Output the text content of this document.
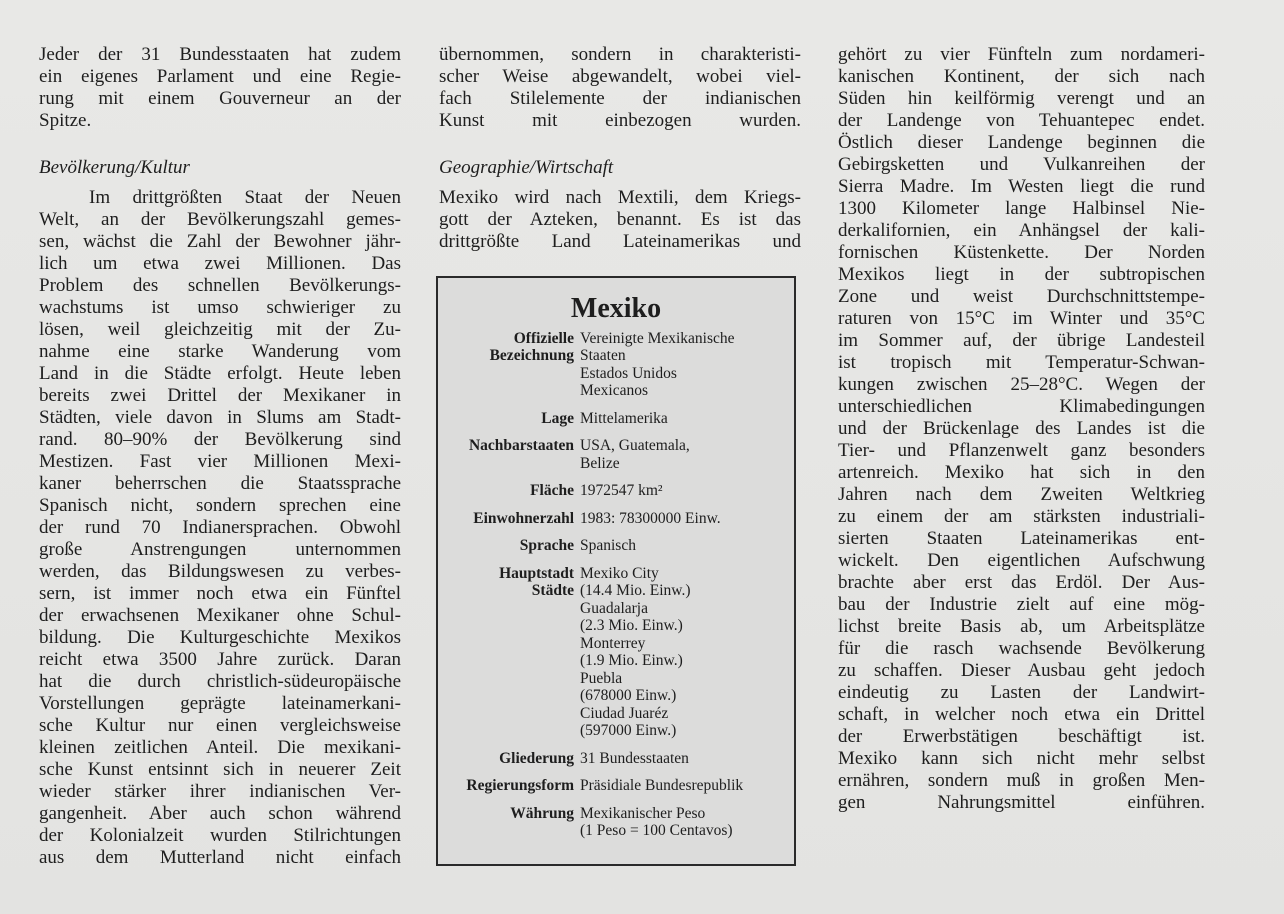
Jeder der 31 Bundesstaaten hat zudem

ein eigenes Parlament und eine Regie-

rung mit einem Gouverneur an der

Spitze.

Bevölkerung/Kultur

Im drittgrößten Staat der Neuen

Welt, an der Bevölkerungszahl gemes-

sen, wächst die Zahl der Bewohner jähr-

lich um etwa zwei Millionen. Das

Problem des schnellen Bevölkerungs-

wachstums ist umso schwieriger zu

lösen, weil gleichzeitig mit der Zu-

nahme eine starke Wanderung vom

Land in die Städte erfolgt. Heute leben

bereits zwei Drittel der Mexikaner in

Städten, viele davon in Slums am Stadt-

rand. 80–90% der Bevölkerung sind

Mestizen. Fast vier Millionen Mexi-

kaner beherrschen die Staatssprache

Spanisch nicht, sondern sprechen eine

der rund 70 Indianersprachen. Obwohl

große Anstrengungen unternommen

werden, das Bildungswesen zu verbes-

sern, ist immer noch etwa ein Fünftel

der erwachsenen Mexikaner ohne Schul-

bildung. Die Kulturgeschichte Mexikos

reicht etwa 3500 Jahre zurück. Daran

hat die durch christlich-südeuropäische

Vorstellungen geprägte lateinamerkani-

sche Kultur nur einen vergleichsweise

kleinen zeitlichen Anteil. Die mexikani-

sche Kunst entsinnt sich in neuerer Zeit

wieder stärker ihrer indianischen Ver-

gangenheit. Aber auch schon während

der Kolonialzeit wurden Stilrichtungen

aus dem Mutterland nicht einfach

übernommen, sondern in charakteristi-

scher Weise abgewandelt, wobei viel-

fach Stilelemente der indianischen

Kunst mit einbezogen wurden.

Geographie/Wirtschaft

Mexiko wird nach Mextili, dem Kriegs-

gott der Azteken, benannt. Es ist das

drittgrößte Land Lateinamerikas und

Mexiko
Offizielle
Bezeichnung
Vereinigte Mexikanische
Staaten
Estados Unidos
Mexicanos
Lage Mittelamerika
Nachbarstaaten USA, Guatemala,
Belize
Fläche 1972547 km²
Einwohnerzahl 1983: 78300000 Einw.
Sprache Spanisch
Hauptstadt
Städte
Mexiko City
(14.4 Mio. Einw.)
Guadalarja
(2.3 Mio. Einw.)
Monterrey
(1.9 Mio. Einw.)
Puebla
(678000 Einw.)
Ciudad Juaréz
(597000 Einw.)
Gliederung 31 Bundesstaaten
Regierungsform Präsidiale Bundesrepublik
Währung Mexikanischer Peso
(1 Peso = 100 Centavos)

gehört zu vier Fünfteln zum nordameri-

kanischen Kontinent, der sich nach

Süden hin keilförmig verengt und an

der Landenge von Tehuantepec endet.

Östlich dieser Landenge beginnen die

Gebirgsketten und Vulkanreihen der

Sierra Madre. Im Westen liegt die rund

1300 Kilometer lange Halbinsel Nie-

derkalifornien, ein Anhängsel der kali-

fornischen Küstenkette. Der Norden

Mexikos liegt in der subtropischen

Zone und weist Durchschnittstempe-

raturen von 15°C im Winter und 35°C

im Sommer auf, der übrige Landesteil

ist tropisch mit Temperatur-Schwan-

kungen zwischen 25–28°C. Wegen der

unterschiedlichen Klimabedingungen

und der Brückenlage des Landes ist die

Tier- und Pflanzenwelt ganz besonders

artenreich. Mexiko hat sich in den

Jahren nach dem Zweiten Weltkrieg

zu einem der am stärksten industriali-

sierten Staaten Lateinamerikas ent-

wickelt. Den eigentlichen Aufschwung

brachte aber erst das Erdöl. Der Aus-

bau der Industrie zielt auf eine mög-

lichst breite Basis ab, um Arbeitsplätze

für die rasch wachsende Bevölkerung

zu schaffen. Dieser Ausbau geht jedoch

eindeutig zu Lasten der Landwirt-

schaft, in welcher noch etwa ein Drittel

der Erwerbstätigen beschäftigt ist.

Mexiko kann sich nicht mehr selbst

ernähren, sondern muß in großen Men-

gen Nahrungsmittel einführen.
